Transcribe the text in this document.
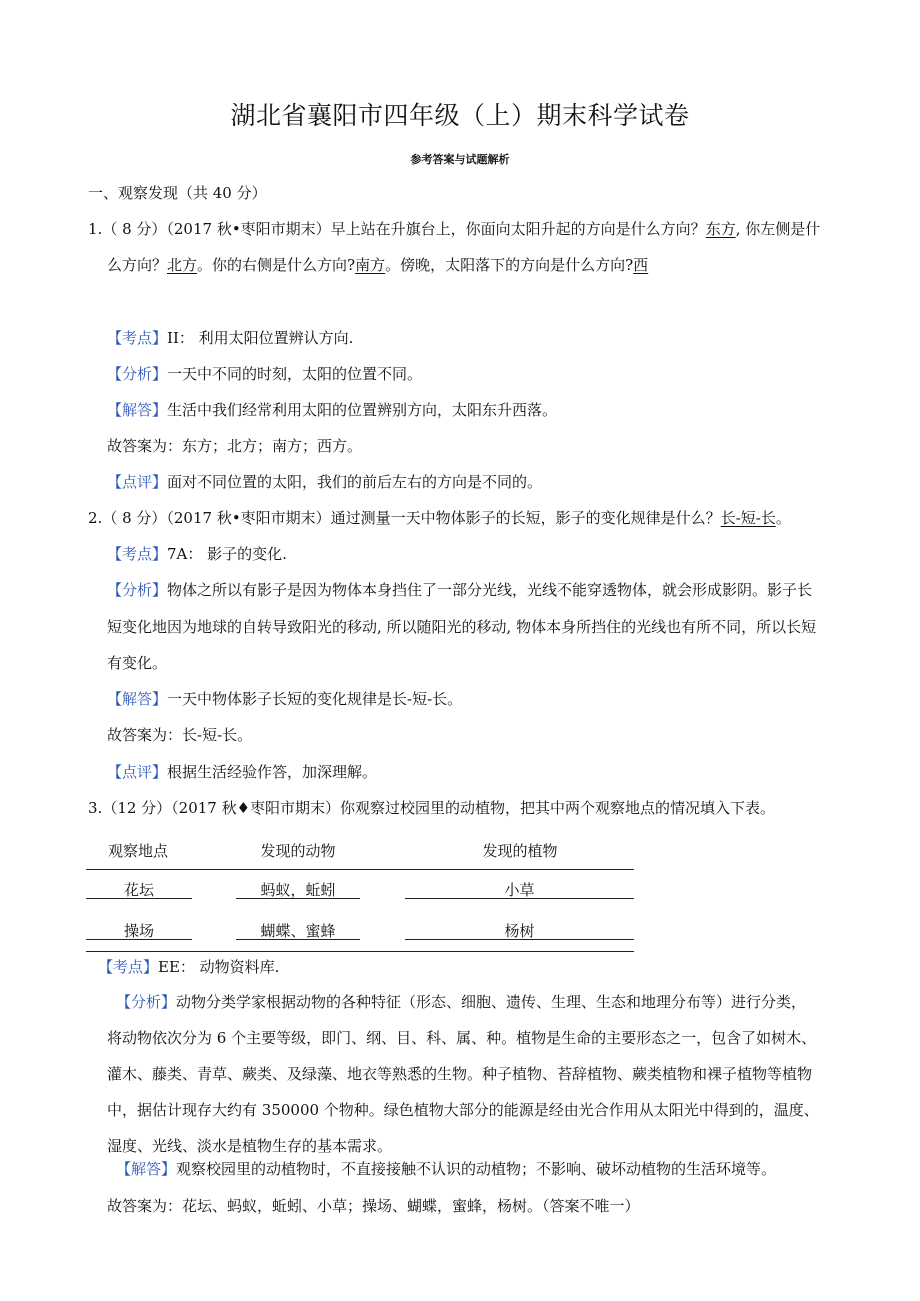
湖北省襄阳市四年级（上）期末科学试卷
参考答案与试题解析
一、观察发现（共 40 分）
1.（ 8 分）（2017 秋•枣阳市期末）早上站在升旗台上，你面向太阳升起的方向是什么方向？东方, 你左侧是什
么方向？北方。你的右侧是什么方向?南方。傍晚，太阳落下的方向是什么方向?西
【考点】II： 利用太阳位置辨认方向.
【分析】一天中不同的时刻，太阳的位置不同。
【解答】生活中我们经常利用太阳的位置辨别方向，太阳东升西落。
故答案为：东方；北方；南方；西方。
【点评】面对不同位置的太阳，我们的前后左右的方向是不同的。
2.（ 8 分）（2017 秋•枣阳市期末）通过测量一天中物体影子的长短，影子的变化规律是什么？长-短-长。
【考点】7A： 影子的变化.
【分析】物体之所以有影子是因为物体本身挡住了一部分光线，光线不能穿透物体，就会形成影阴。影子长
短变化地因为地球的自转导致阳光的移动, 所以随阳光的移动, 物体本身所挡住的光线也有所不同，所以长短
有变化。
【解答】一天中物体影子长短的变化规律是长-短-长。
故答案为：长-短-长。
【点评】根据生活经验作答，加深理解。
3.（12 分）（2017 秋♦枣阳市期末）你观察过校园里的动植物，把其中两个观察地点的情况填入下表。
观察地点	发现的动物	发现的植物
花坛	蚂蚁，蚯蚓	小草
操场	蝴蝶、蜜蜂	杨树
【考点】EE： 动物资料库.
【分析】动物分类学家根据动物的各种特征（形态、细胞、遗传、生理、生态和地理分布等）进行分类，
将动物依次分为 6 个主要等级，即门、纲、目、科、属、种。植物是生命的主要形态之一，包含了如树木、
灌木、藤类、青草、蕨类、及绿藻、地衣等熟悉的生物。种子植物、苔辞植物、蕨类植物和裸子植物等植物
中，据估计现存大约有 350000 个物种。绿色植物大部分的能源是经由光合作用从太阳光中得到的，温度、
湿度、光线、淡水是植物生存的基本需求。
【解答】观察校园里的动植物时，不直接接触不认识的动植物；不影响、破坏动植物的生活环境等。
故答案为：花坛、蚂蚁，蚯蚓、小草；操场、蝴蝶，蜜蜂，杨树。（答案不唯一）
